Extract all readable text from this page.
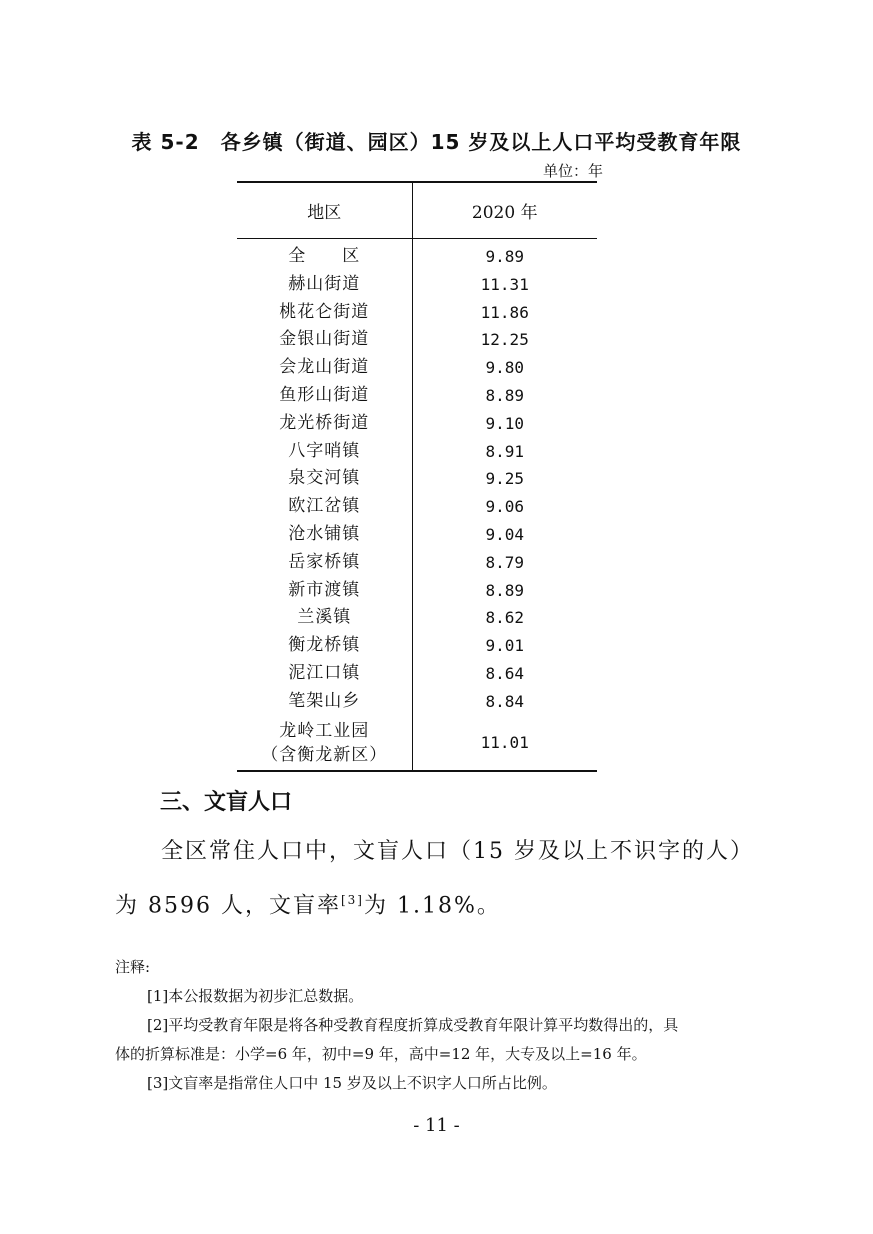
表 5-2　各乡镇（街道、园区）15 岁及以上人口平均受教育年限
单位：年
地区	2020 年
全　　区	9.89
赫山街道	11.31
桃花仑街道	11.86
金银山街道	12.25
会龙山街道	9.80
鱼形山街道	8.89
龙光桥街道	9.10
八字哨镇	8.91
泉交河镇	9.25
欧江岔镇	9.06
沧水铺镇	9.04
岳家桥镇	8.79
新市渡镇	8.89
兰溪镇	8.62
衡龙桥镇	9.01
泥江口镇	8.64
笔架山乡	8.84

龙岭工业园
（含衡龙新区）	11.01
三、文盲人口

全区常住人口中，文盲人口（15 岁及以上不识字的人）为 8596 人，文盲率[3]为 1.18%。

注释:
[1]本公报数据为初步汇总数据。
[2]平均受教育年限是将各种受教育程度折算成受教育年限计算平均数得出的，具
体的折算标准是：小学=6 年，初中=9 年，高中=12 年，大专及以上=16 年。
[3]文盲率是指常住人口中 15 岁及以上不识字人口所占比例。
- 11 -
